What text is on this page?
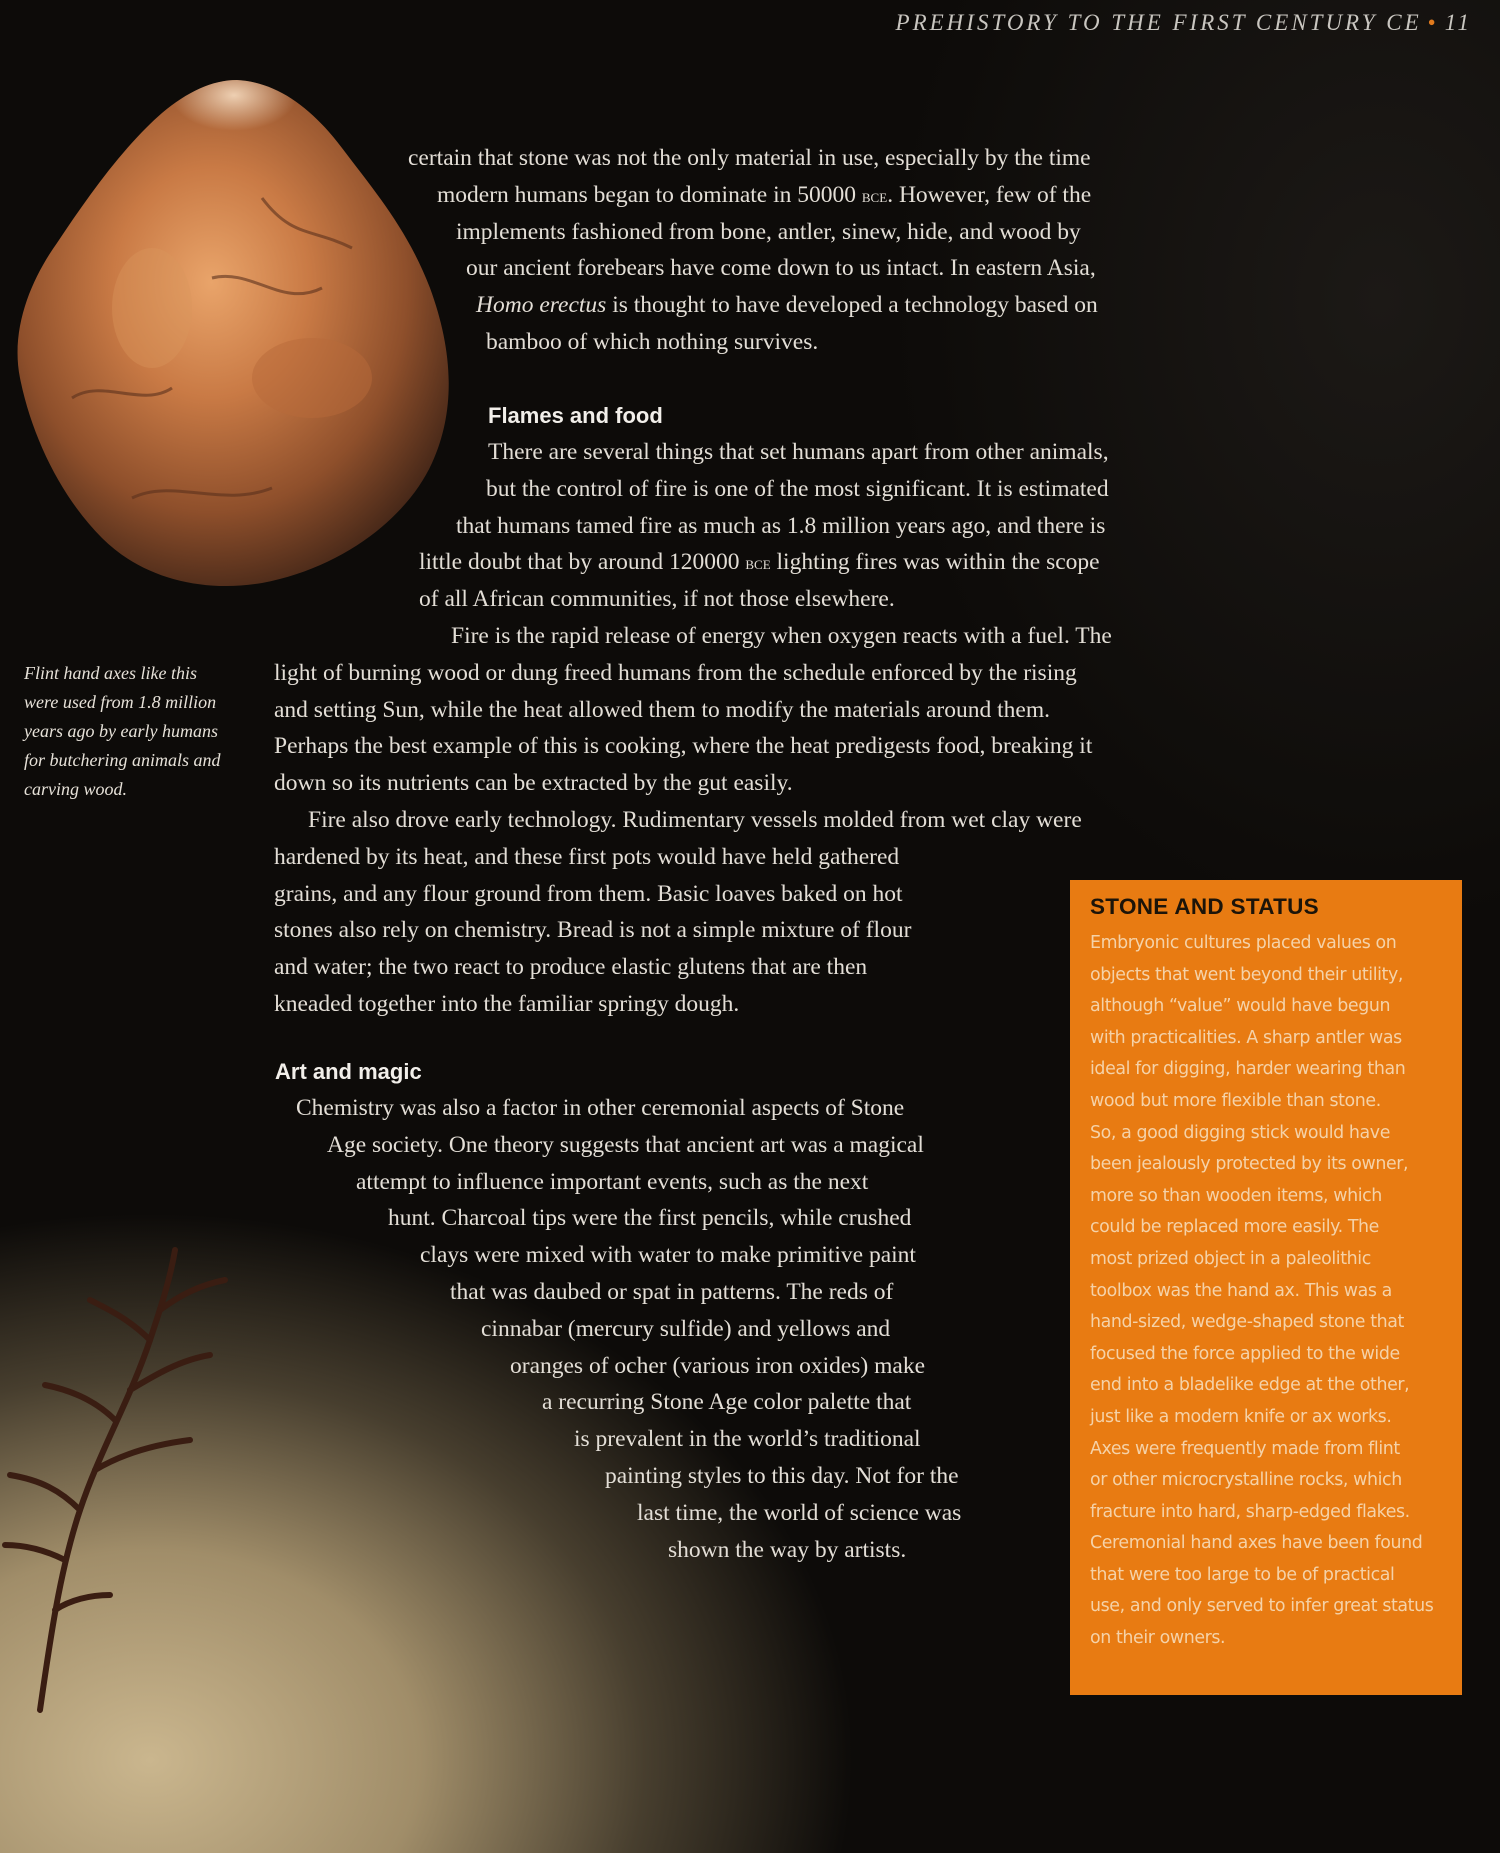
PREHISTORY TO THE FIRST CENTURY CE • 11
Flint hand axes like this
were used from 1.8 million
years ago by early humans
for butchering animals and
carving wood.
certain that stone was not the only material in use, especially by the time
modern humans began to dominate in 50000 bce. However, few of the
implements fashioned from bone, antler, sinew, hide, and wood by
our ancient forebears have come down to us intact. In eastern Asia,
Homo erectus is thought to have developed a technology based on
bamboo of which nothing survives.
Flames and food
There are several things that set humans apart from other animals,
but the control of fire is one of the most significant. It is estimated
that humans tamed fire as much as 1.8 million years ago, and there is
little doubt that by around 120000 bce lighting fires was within the scope
of all African communities, if not those elsewhere.
Fire is the rapid release of energy when oxygen reacts with a fuel. The
light of burning wood or dung freed humans from the schedule enforced by the rising
and setting Sun, while the heat allowed them to modify the materials around them.
Perhaps the best example of this is cooking, where the heat predigests food, breaking it
down so its nutrients can be extracted by the gut easily.
Fire also drove early technology. Rudimentary vessels molded from wet clay were
hardened by its heat, and these first pots would have held gathered
grains, and any flour ground from them. Basic loaves baked on hot
stones also rely on chemistry. Bread is not a simple mixture of flour
and water; the two react to produce elastic glutens that are then
kneaded together into the familiar springy dough.
Art and magic
Chemistry was also a factor in other ceremonial aspects of Stone
Age society. One theory suggests that ancient art was a magical
attempt to influence important events, such as the next
hunt. Charcoal tips were the first pencils, while crushed
clays were mixed with water to make primitive paint
that was daubed or spat in patterns. The reds of
cinnabar (mercury sulfide) and yellows and
oranges of ocher (various iron oxides) make
a recurring Stone Age color palette that
is prevalent in the world’s traditional
painting styles to this day. Not for the
last time, the world of science was
shown the way by artists.
STONE AND STATUS
Embryonic cultures placed values on
objects that went beyond their utility,
although “value” would have begun
with practicalities. A sharp antler was
ideal for digging, harder wearing than
wood but more flexible than stone.
So, a good digging stick would have
been jealously protected by its owner,
more so than wooden items, which
could be replaced more easily. The
most prized object in a paleolithic
toolbox was the hand ax. This was a
hand-sized, wedge-shaped stone that
focused the force applied to the wide
end into a bladelike edge at the other,
just like a modern knife or ax works.
Axes were frequently made from flint
or other microcrystalline rocks, which
fracture into hard, sharp-edged flakes.
Ceremonial hand axes have been found
that were too large to be of practical
use, and only served to infer great status
on their owners.
